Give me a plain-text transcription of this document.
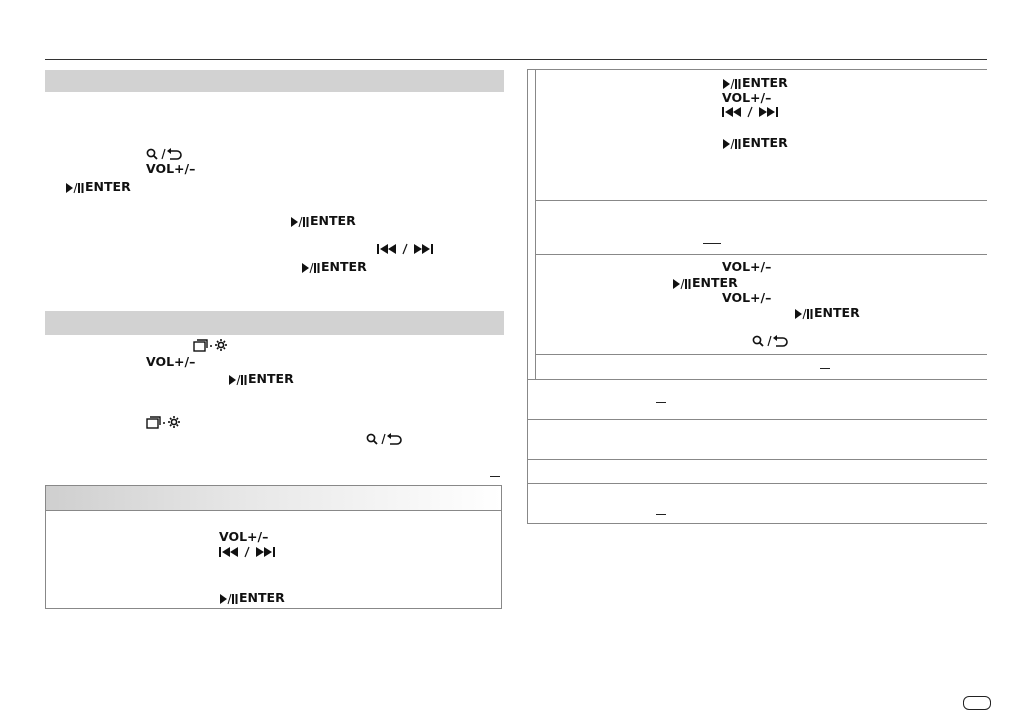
VOL+/–
ENTER
ENTER
ENTER
VOL+/–
ENTER
VOL+/–
ENTER
ENTER
VOL+/–
ENTER
VOL+/–
ENTER
VOL+/–
ENTER
